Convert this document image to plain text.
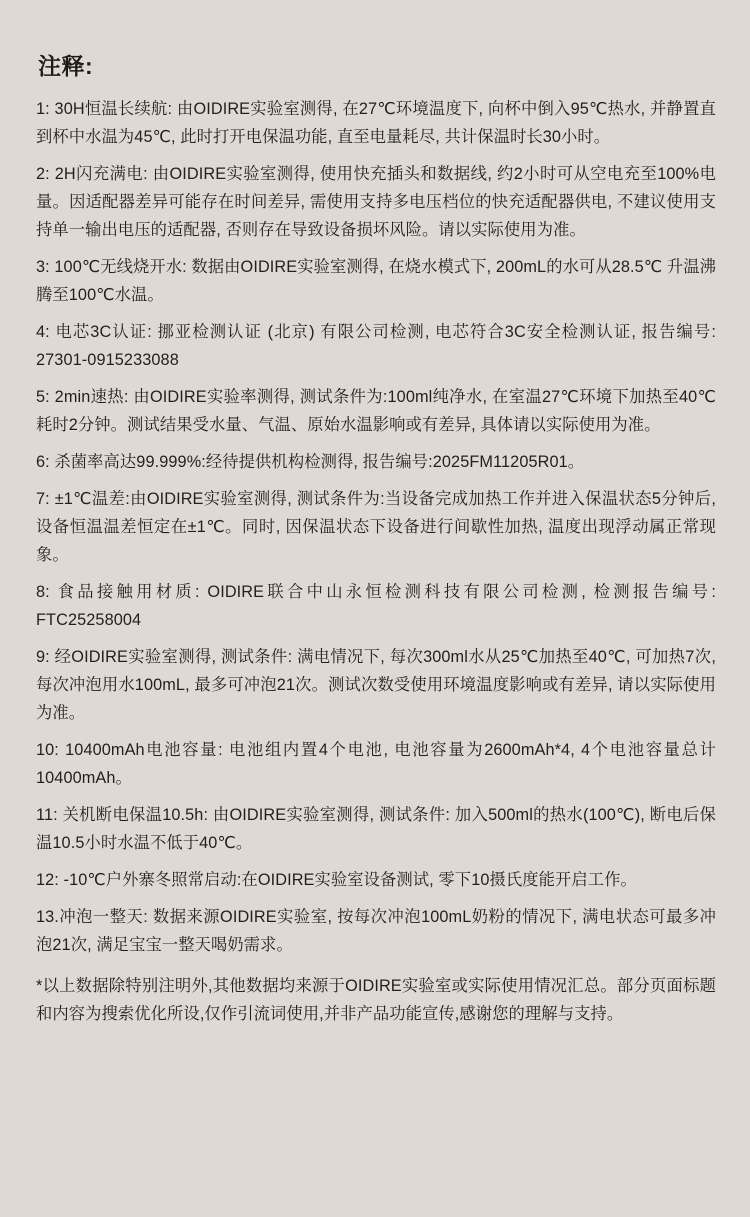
注释:

1: 30H恒温长续航: 由OIDIRE实验室测得, 在27℃环境温度下, 向杯中倒入95℃热水, 并静置直到杯中水温为45℃, 此时打开电保温功能, 直至电量耗尽, 共计保温时长30小时。

2: 2H闪充满电: 由OIDIRE实验室测得, 使用快充插头和数据线, 约2小时可从空电充至100%电量。因适配器差异可能存在时间差异, 需使用支持多电压档位的快充适配器供电, 不建议使用支持单一输出电压的适配器, 否则存在导致设备损坏风险。请以实际使用为准。

3: 100℃无线烧开水: 数据由OIDIRE实验室测得, 在烧水模式下, 200mL的水可从28.5℃ 升温沸腾至100℃水温。

4: 电芯3C认证: 挪亚检测认证 (北京) 有限公司检测, 电芯符合3C安全检测认证, 报告编号: 27301-0915233088

5: 2min速热: 由OIDIRE实验率测得, 测试条件为:100ml纯净水, 在室温27℃环境下加热至40℃耗时2分钟。测试结果受水量、气温、原始水温影响或有差异, 具体请以实际使用为准。

6: 杀菌率高达99.999%:经待提供机构检测得, 报告编号:2025FM11205R01。

7: ±1℃温差:由OIDIRE实验室测得, 测试条件为:当设备完成加热工作并进入保温状态5分钟后, 设备恒温温差恒定在±1℃。同时, 因保温状态下设备进行间歇性加热, 温度出现浮动属正常现象。

8: 食品接触用材质: OIDIRE联合中山永恒检测科技有限公司检测, 检测报告编号: FTC25258004

9: 经OIDIRE实验室测得, 测试条件: 满电情况下, 每次300ml水从25℃加热至40℃, 可加热7次, 每次冲泡用水100mL, 最多可冲泡21次。测试次数受使用环境温度影响或有差异, 请以实际使用为准。

10: 10400mAh电池容量: 电池组内置4个电池, 电池容量为2600mAh*4, 4个电池容量总计10400mAh。

11: 关机断电保温10.5h: 由OIDIRE实验室测得, 测试条件: 加入500ml的热水(100℃), 断电后保温10.5小时水温不低于40℃。

12: -10℃户外寨冬照常启动:在OIDIRE实验室设备测试, 零下10摄氏度能开启工作。

13.冲泡一整天: 数据来源OIDIRE实验室, 按每次冲泡100mL奶粉的情况下, 满电状态可最多冲泡21次, 满足宝宝一整天喝奶需求。

*以上数据除特别注明外,其他数据均来源于OIDIRE实验室或实际使用情况汇总。部分页面标题和内容为搜索优化所设,仅作引流词使用,并非产品功能宣传,感谢您的理解与支持。
